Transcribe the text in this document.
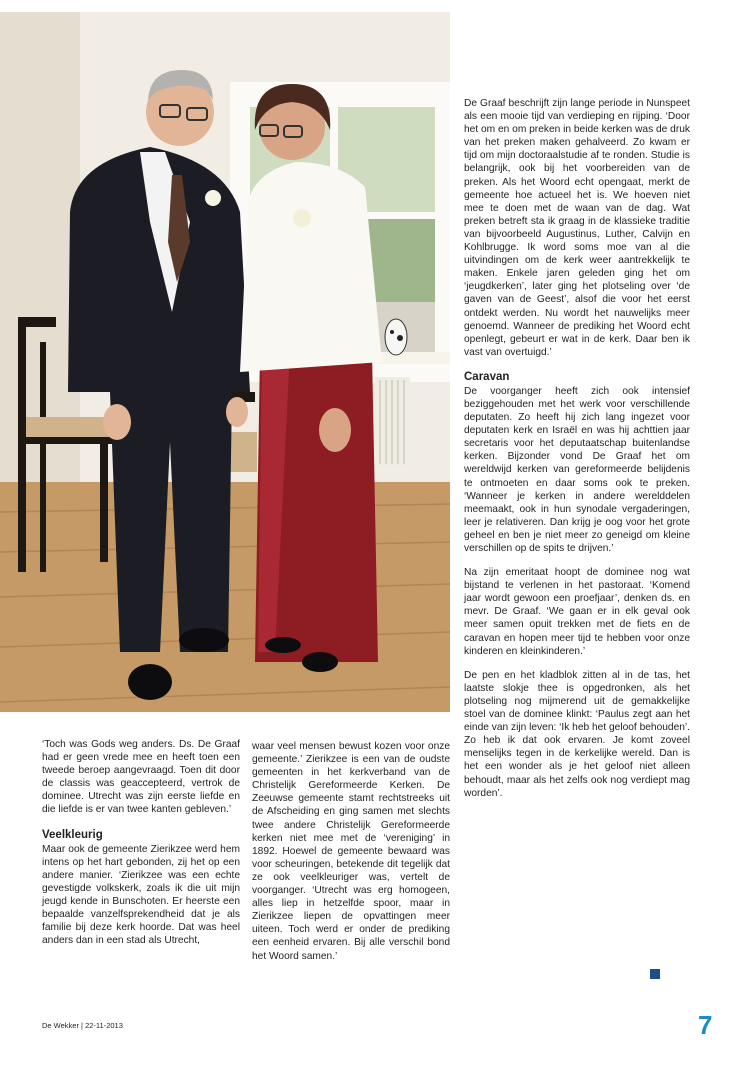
‘Toch was Gods weg anders. Ds. De Graaf had er geen vrede mee en heeft toen een tweede beroep aangevraagd. Toen dit door de classis was geaccepteerd, vertrok de dominee. Utrecht was zijn eerste liefde en die liefde is er van twee kanten gebleven.’

Veelkleurig

Maar ook de gemeente Zierikzee werd hem intens op het hart gebonden, zij het op een andere manier. ‘Zierikzee was een echte gevestigde volkskerk, zoals ik die uit mijn jeugd kende in Bunschoten. Er heerste een bepaalde vanzelfsprekendheid dat je als familie bij deze kerk hoorde. Dat was heel anders dan in een stad als Utrecht,

waar veel mensen bewust kozen voor onze gemeente.’ Zierikzee is een van de oudste gemeenten in het kerkverband van de Christelijk Gereformeerde Kerken. De Zeeuwse gemeente stamt rechtstreeks uit de Afscheiding en ging samen met slechts twee andere Christelijk Gereformeerde kerken niet mee met de ‘vereniging’ in 1892. Hoewel de gemeente bewaard was voor scheuringen, betekende dit tegelijk dat ze ook veelkleuriger was, vertelt de voorganger. ‘Utrecht was erg homogeen, alles liep in hetzelfde spoor, maar in Zierikzee liepen de opvattingen meer uiteen. Toch werd er onder de prediking een eenheid ervaren. Bij alle verschil bond het Woord samen.’

De Graaf beschrijft zijn lange periode in Nunspeet als een mooie tijd van verdieping en rijping. ‘Door het om en om preken in beide kerken was de druk van het preken maken gehalveerd. Zo kwam er tijd om mijn doctoraalstudie af te ronden. Studie is belangrijk, ook bij het voorbereiden van de preken. Als het Woord echt opengaat, merkt de gemeente hoe actueel het is. We hoeven niet mee te doen met de waan van de dag. Wat preken betreft sta ik graag in de klassieke traditie van bijvoorbeeld Augustinus, Luther, Calvijn en Kohlbrugge. Ik word soms moe van al die uitvindingen om de kerk weer aantrekkelijk te maken. Enkele jaren geleden ging het om ‘jeugdkerken’, later ging het plotseling over ‘de gaven van de Geest’, alsof die voor het eerst ontdekt werden. Nu wordt het nauwelijks meer genoemd. Wanneer de prediking het Woord echt openlegt, gebeurt er wat in de kerk. Daar ben ik vast van overtuigd.’

Caravan

De voorganger heeft zich ook intensief beziggehouden met het werk voor verschillende deputaten. Zo heeft hij zich lang ingezet voor deputaten kerk en Israël en was hij achttien jaar secretaris voor het deputaatschap buitenlandse kerken. Bijzonder vond De Graaf het om wereldwijd kerken van gereformeerde belijdenis te ontmoeten en daar soms ook te preken. ‘Wanneer je kerken in andere werelddelen meemaakt, ook in hun synodale vergaderingen, leer je relativeren. Dan krijg je oog voor het grote geheel en ben je niet meer zo geneigd om kleine verschillen op de spits te drijven.’

Na zijn emeritaat hoopt de dominee nog wat bijstand te verlenen in het pastoraat. ‘Komend jaar wordt gewoon een proefjaar’, denken ds. en mevr. De Graaf. ‘We gaan er in elk geval ook meer samen opuit trekken met de fiets en de caravan en hopen meer tijd te hebben voor onze kinderen en kleinkinderen.’

De pen en het kladblok zitten al in de tas, het laatste slokje thee is opgedronken, als het plotseling nog mijmerend uit de gemakkelijke stoel van de dominee klinkt: ‘Paulus zegt aan het einde van zijn leven: ‘Ik heb het geloof behouden’. Zo heb ik dat ook ervaren. Je komt zoveel menselijks tegen in de kerkelijke wereld. Dan is het een wonder als je het geloof niet alleen behoudt, maar als het zelfs ook nog verdiept mag worden’.

De Wekker | 22-11-2013	7
